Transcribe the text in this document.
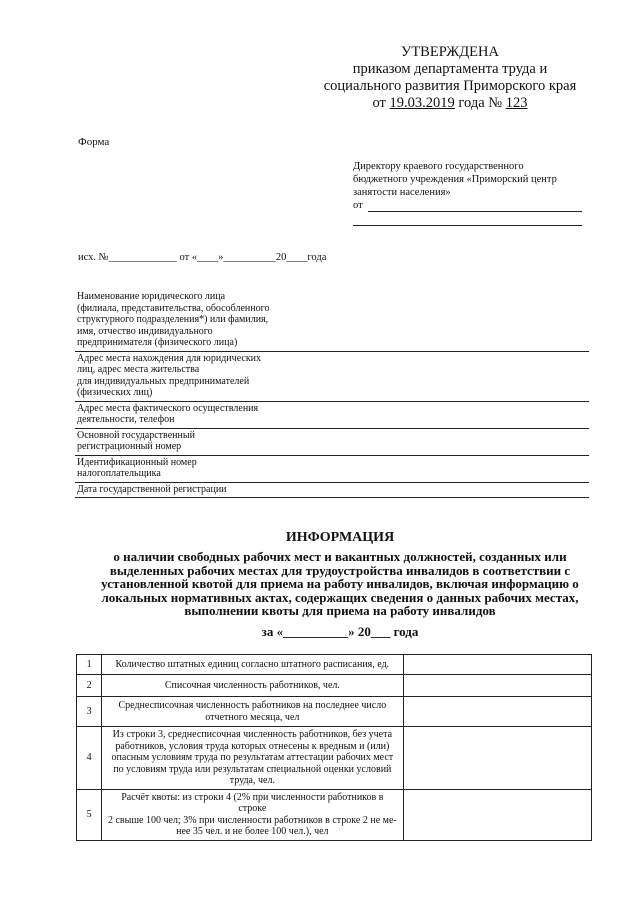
УТВЕРЖДЕНА
приказом департамента труда и
социального развития Приморского края
от 19.03.2019 года № 123
Форма
Директору краевого государственного
бюджетного учреждения «Приморский центр
занятости населения»
от
исх. №_____________ от «____»__________20____года
Наименование юридического лица
(филиала, представительства, обособленного
структурного подразделения*) или фамилия,
имя, отчество индивидуального
предпринимателя (физического лица)
Адрес места нахождения для юридических
лиц, адрес места жительства
для индивидуальных предпринимателей
(физических лиц)
Адрес места фактического осуществления
деятельности, телефон
Основной государственный
регистрационный номер
Идентификационный номер
налогоплательщика
Дата государственной регистрации
ИНФОРМАЦИЯ
о наличии свободных рабочих мест и вакантных должностей, созданных или
выделенных рабочих местах для трудоустройства инвалидов в соответствии с
установленной квотой для приема на работу инвалидов, включая информацию о
локальных нормативных актах, содержащих сведения о данных рабочих местах,
выполнении квоты для приема на работу инвалидов
за «__________» 20___ года
1	Количество штатных единиц согласно штатного расписания, ед.	

2	Списочная численность работников, чел.	

3	Среднесписочная численность работников на последнее число
отчетного месяца, чел	

4	Из строки 3, среднесписочная численность работников, без учета
работников, условия труда которых отнесены к вредным и (или)
опасным условиям труда по результатам аттестации рабочих мест
по условиям труда или результатам специальной оценки условий
труда, чел.	

5	Расчёт квоты: из строки 4 (2% при численности работников в строке
2 свыше 100 чел; 3% при численности работников в строке 2 не ме-
нее 35 чел. и не более 100 чел.), чел	
